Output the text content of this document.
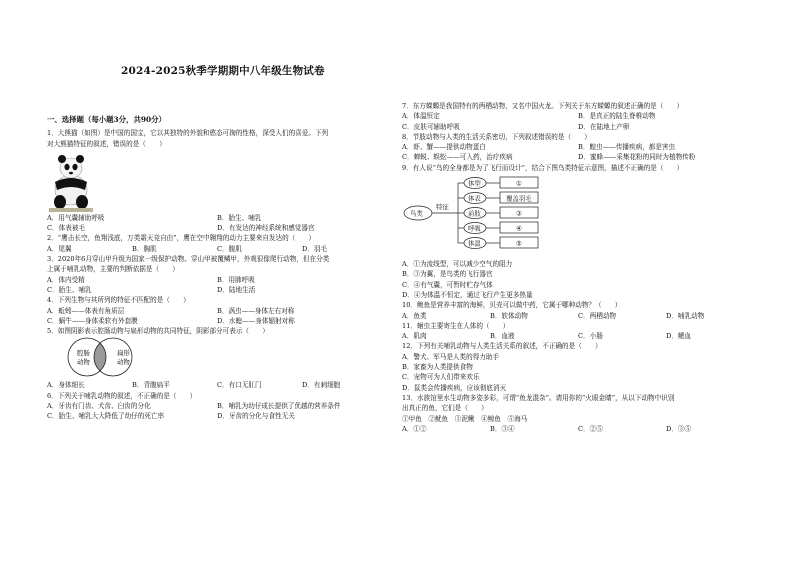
2024-2025秋季学期期中八年级生物试卷
一、选择题（每小题3分，共90分）
1．大熊猫（如图）是中国的国宝，它以其独特的外貌和憨态可掬的性格，深受人们的喜爱。下列
对大熊猫特征的叙述，错误的是（　　）
A．用气囊辅助呼吸	B．胎生、哺乳
C．体表被毛	D．有发达的神经系统和感觉器官
2．“鹰击长空，鱼翔浅底，万类霜天竞自由”，鹰在空中翱翔的动力主要来自发达的（　　）
A．尾翼	B．胸肌	C．腹肌	D．羽毛
3．2020年6月穿山甲升级为国家一级保护动物。穿山甲被覆鳞甲，外观很像爬行动物，但在分类
上属于哺乳动物，主要的判断依据是（　　）
A．体内受精	B．用肺呼吸
C．胎生、哺乳	D．陆地生活
4．下列生物与其所列的特征不匹配的是（　　）
A．蚯蚓——体表有角质层	B．涡虫——身体左右对称
C．蜗牛——身体柔软有外套膜	D．水螅——身体辐射对称
5．如图阴影表示腔肠动物与扁形动物的共同特征，阴影部分可表示（　　）
腔肠
动物
扁形
动物
A．身体细长	B．背腹扁平	C．有口无肛门	D．有刺细胞
6．下列关于哺乳动物的叙述，不正确的是（　　）
A．牙齿有门齿、犬齿、臼齿的分化	B．哺乳为幼仔成长提供了优越的营养条件
C．胎生、哺乳大大降低了幼仔的死亡率	D．牙齿的分化与食性无关
7．东方蝾螈是我国特有的两栖动物，又名中国火龙。下列关于东方蝾螈的叙述正确的是（　　）
A．体温恒定	B．是真正的陆生脊椎动物
C．皮肤可辅助呼吸	D．在陆地上产卵
8．节肢动物与人类的生活关系密切，下列叙述错误的是（　　）
A．虾、蟹——提供动物蛋白	B．蝗虫——传播疾病，都是害虫
C．蝉蜕、蜈蚣——可入药，治疗疾病	D．蜜蜂——采集花粉的同时为植物传粉
9．有人说“鸟的全身都是为了飞行而设计”，结合下图鸟类特征示意图，描述不正确的是（　　）
鸟类
特征
体型
体表
前肢
呼吸
体温
①
覆盖羽毛
③
④
⑤
A．①为流线型，可以减少空气的阻力
B．③为翼，是鸟类的飞行器官
C．④有气囊，可暂时贮存气体
D．④为体温不恒定，通过飞行产生更多热量
10．鲍鱼是营养丰富的海鲜，贝壳可以做中药，它属于哪种动物？（　　）
A．鱼类	B．软体动物	C．两栖动物	D．哺乳动物
11．蛔虫主要寄生在人体的（　　）
A．肌肉	B．血液	C．小肠	D．鳃血
12．下列有关哺乳动物与人类生活关系的叙述，不正确的是（　　）
A．警犬、军马是人类的得力助手
B．家畜为人类提供食物
C．宠物可为人们带来欢乐
D．鼠类会传播疾病，应该彻底消灭
13．水族馆里水生动物多姿多彩，可谓“鱼龙混杂”。请用你的“火眼金睛”，从以下动物中识别
出真正的鱼，它们是（　　）
①甲鱼　②鱿鱼　③泥鳅　④鲸鱼　⑤海马
A．①②	B．③④	C．②⑤	D．③⑤
